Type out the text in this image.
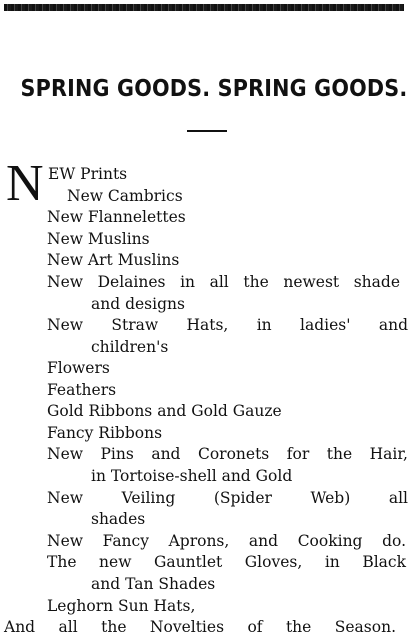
SPRING GOODS. SPRING GOODS.
N EW Prints
New Cambrics
New Flannelettes
New Muslins
New Art Muslins
New Delaines in all the newest shade
and designs
New Straw Hats, in ladies' and
children's
Flowers
Feathers
Gold Ribbons and Gold Gauze
Fancy Ribbons
New Pins and Coronets for the Hair,
in Tortoise-shell and Gold
New Veiling (Spider Web) all
shades
New Fancy Aprons, and Cooking do.
The new Gauntlet Gloves, in Black
and Tan Shades
Leghorn Sun Hats,
And all the Novelties of the Season.
